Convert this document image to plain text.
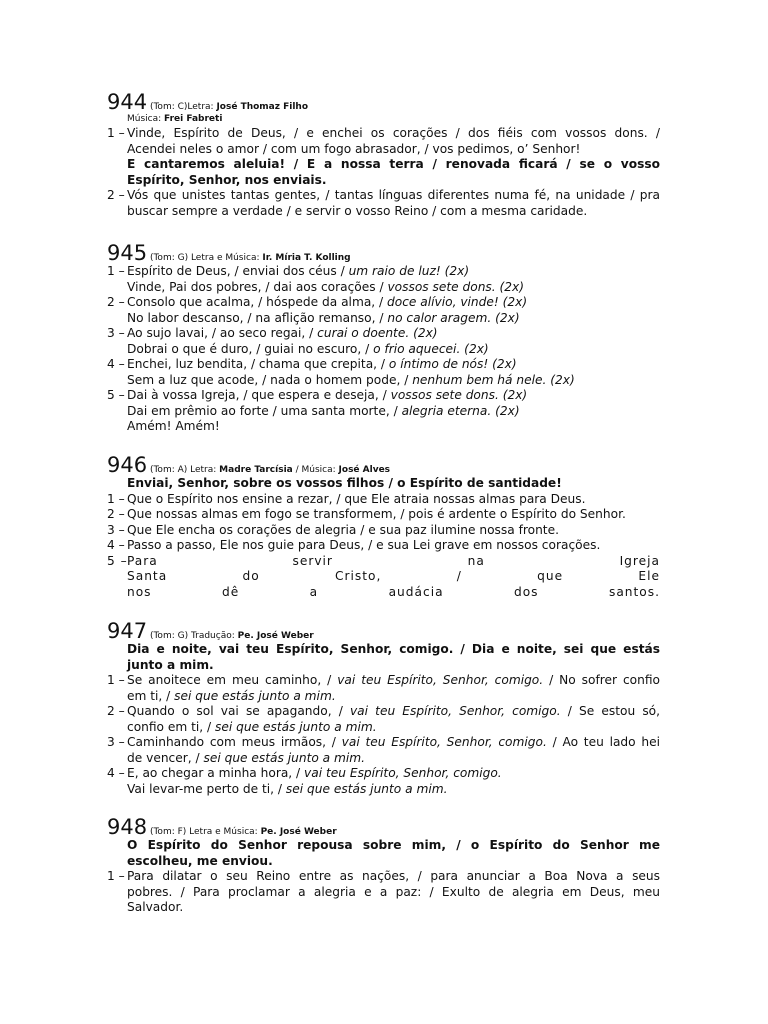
944 (Tom: C)Letra: José Thomaz Filho
Música: Frei Fabreti
1 – Vinde, Espírito de Deus, / e enchei os corações / dos fiéis com vossos dons. /
Acendei neles o amor / com um fogo abrasador, / vos pedimos, o’ Senhor!
E cantaremos aleluia! / E a nossa terra / renovada ficará / se o vosso
Espírito, Senhor, nos enviais.
2 – Vós que unistes tantas gentes, / tantas línguas diferentes numa fé, na unidade / pra
buscar sempre a verdade / e servir o vosso Reino / com a mesma caridade.
945 (Tom: G) Letra e Música: Ir. Míria T. Kolling
1 – Espírito de Deus, / enviai dos céus / um raio de luz! (2x)
Vinde, Pai dos pobres, / dai aos corações / vossos sete dons. (2x)
2 – Consolo que acalma, / hóspede da alma, / doce alívio, vinde! (2x)
No labor descanso, / na aflição remanso, / no calor aragem. (2x)
3 – Ao sujo lavai, / ao seco regai, / curai o doente. (2x)
Dobrai o que é duro, / guiai no escuro, / o frio aquecei. (2x)
4 – Enchei, luz bendita, / chama que crepita, / o íntimo de nós! (2x)
Sem a luz que acode, / nada o homem pode, / nenhum bem há nele. (2x)
5 – Dai à vossa Igreja, / que espera e deseja, / vossos sete dons. (2x)
Dai em prêmio ao forte / uma santa morte, / alegria eterna. (2x)
Amém! Amém!
946 (Tom: A) Letra: Madre Tarcísia / Música: José Alves
Enviai, Senhor, sobre os vossos filhos / o Espírito de santidade!
1 – Que o Espírito nos ensine a rezar, / que Ele atraia nossas almas para Deus.
2 – Que nossas almas em fogo se transformem, / pois é ardente o Espírito do Senhor.
3 – Que Ele encha os corações de alegria / e sua paz ilumine nossa fronte.
4 – Passo a passo, Ele nos guie para Deus, / e sua Lei grave em nossos corações.
5 – Para servir na Igreja
Santa do Cristo, / que Ele
nos dê a audácia dos santos.
947 (Tom: G) Tradução: Pe. José Weber
Dia e noite, vai teu Espírito, Senhor, comigo. / Dia e noite, sei que estás
junto a mim.
1 – Se anoitece em meu caminho, / vai teu Espírito, Senhor, comigo. / No sofrer confio
em ti, / sei que estás junto a mim.
2 – Quando o sol vai se apagando, / vai teu Espírito, Senhor, comigo. / Se estou só,
confio em ti, / sei que estás junto a mim.
3 – Caminhando com meus irmãos, / vai teu Espírito, Senhor, comigo. / Ao teu lado hei
de vencer, / sei que estás junto a mim.
4 – E, ao chegar a minha hora, / vai teu Espírito, Senhor, comigo.
Vai levar-me perto de ti, / sei que estás junto a mim.
948 (Tom: F) Letra e Música: Pe. José Weber
O Espírito do Senhor repousa sobre mim, / o Espírito do Senhor me
escolheu, me enviou.
1 – Para dilatar o seu Reino entre as nações, / para anunciar a Boa Nova a seus
pobres. / Para proclamar a alegria e a paz: / Exulto de alegria em Deus, meu
Salvador.
